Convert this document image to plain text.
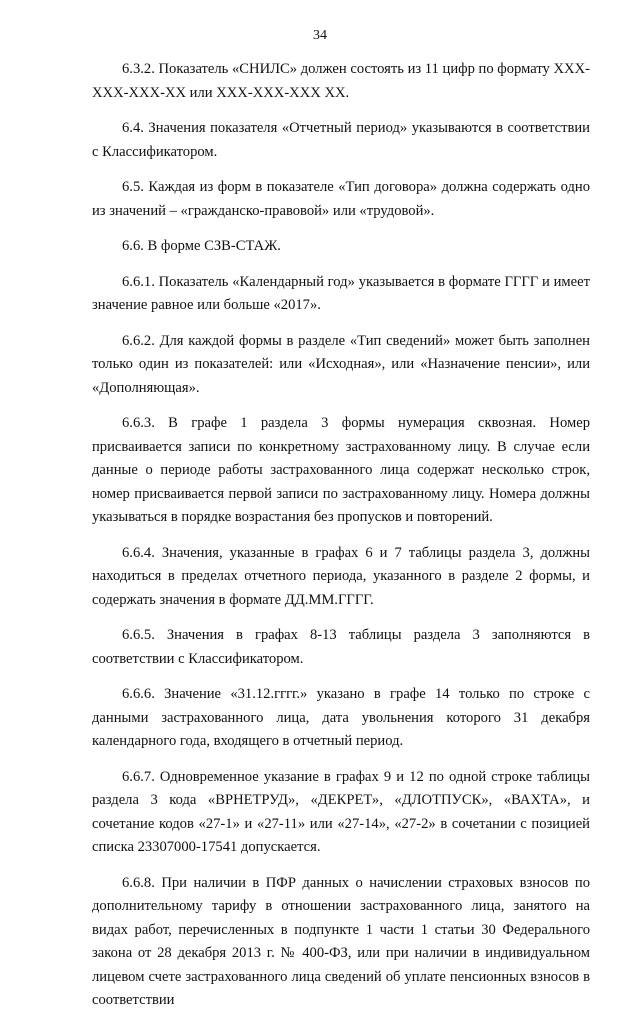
34

6.3.2. Показатель «СНИЛС» должен состоять из 11 цифр по формату XXX-XXX-XXX-XX или XXX-XXX-XXX XX.

6.4. Значения показателя «Отчетный период» указываются в соответствии с Классификатором.

6.5. Каждая из форм в показателе «Тип договора» должна содержать одно из значений – «гражданско-правовой» или «трудовой».

6.6. В форме СЗВ-СТАЖ.

6.6.1. Показатель «Календарный год» указывается в формате ГГГГ и имеет значение равное или больше «2017».

6.6.2. Для каждой формы в разделе «Тип сведений» может быть заполнен только один из показателей: или «Исходная», или «Назначение пенсии», или «Дополняющая».

6.6.3. В графе 1 раздела 3 формы нумерация сквозная. Номер присваивается записи по конкретному застрахованному лицу. В случае если данные о периоде работы застрахованного лица содержат несколько строк, номер присваивается первой записи по застрахованному лицу. Номера должны указываться в порядке возрастания без пропусков и повторений.

6.6.4. Значения, указанные в графах 6 и 7 таблицы раздела 3, должны находиться в пределах отчетного периода, указанного в разделе 2 формы, и содержать значения в формате ДД.ММ.ГГГГ.

6.6.5. Значения в графах 8-13 таблицы раздела 3 заполняются в соответствии с Классификатором.

6.6.6. Значение «31.12.гггг.» указано в графе 14 только по строке с данными застрахованного лица, дата увольнения которого 31 декабря календарного года, входящего в отчетный период.

6.6.7. Одновременное указание в графах 9 и 12 по одной строке таблицы раздела 3 кода «ВРНЕТРУД», «ДЕКРЕТ», «ДЛОТПУСК», «ВАХТА», и сочетание кодов «27-1» и «27-11» или «27-14», «27-2» в сочетании с позицией списка 23307000-17541 допускается.

6.6.8. При наличии в ПФР данных о начислении страховых взносов по дополнительному тарифу в отношении застрахованного лица, занятого на видах работ, перечисленных в подпункте 1 части 1 статьи 30 Федерального закона от 28 декабря 2013 г. № 400-ФЗ, или при наличии в индивидуальном лицевом счете застрахованного лица сведений об уплате пенсионных взносов в соответствии
